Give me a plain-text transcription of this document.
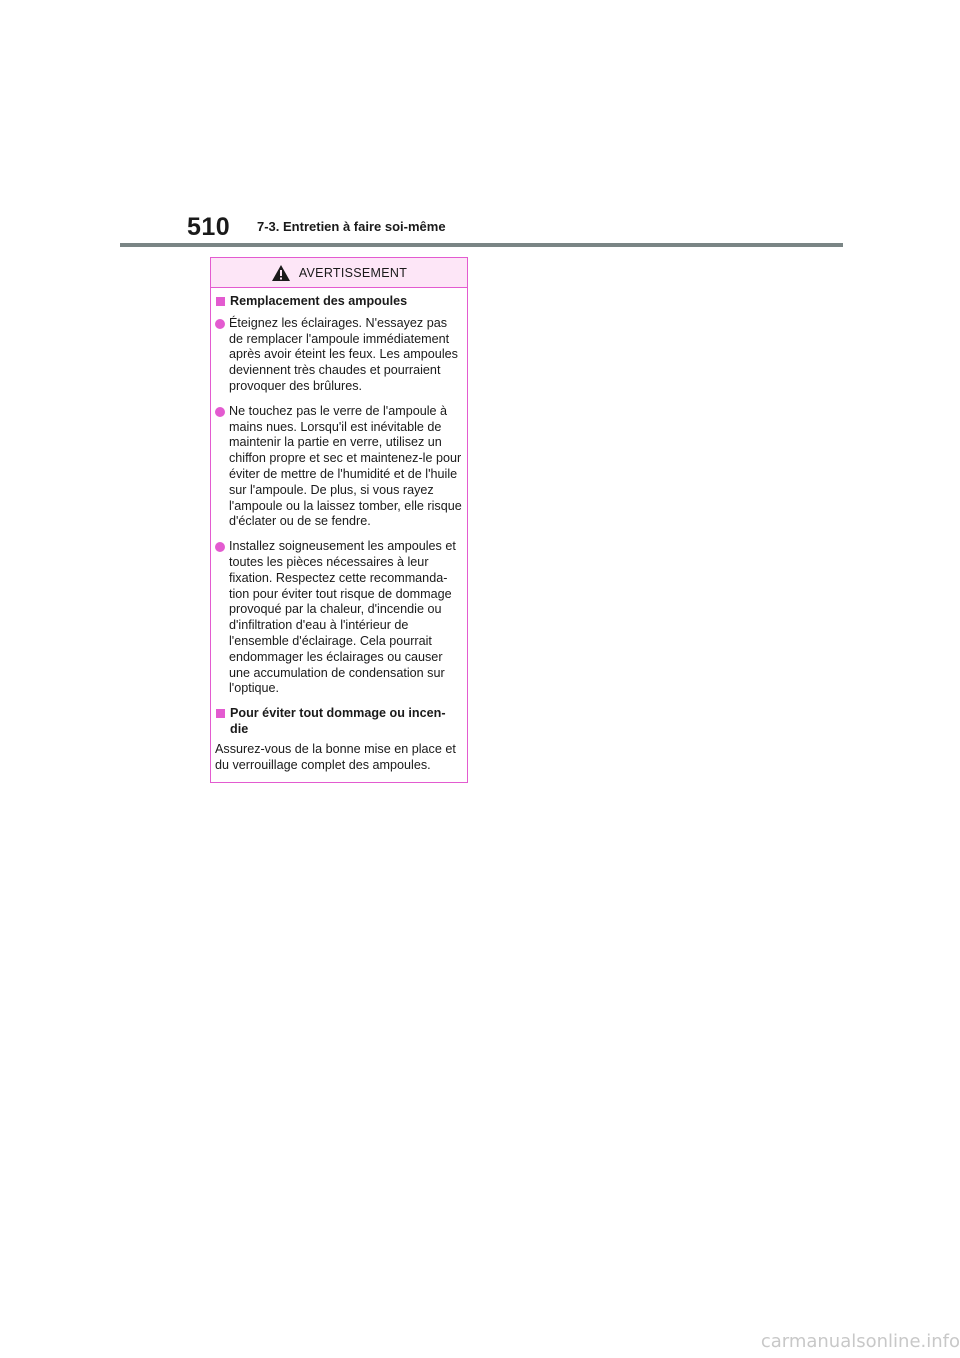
510 7-3. Entretien à faire soi-même
AVERTISSEMENT
Remplacement des ampoules
Éteignez les éclairages. N'essayez pas de remplacer l'ampoule immédiatement après avoir éteint les feux. Les ampoules deviennent très chaudes et pourraient provoquer des brûlures.
Ne touchez pas le verre de l'ampoule à mains nues. Lorsqu'il est inévitable de maintenir la partie en verre, utilisez un chiffon propre et sec et maintenez-le pour éviter de mettre de l'humidité et de l'huile sur l'ampoule. De plus, si vous rayez l'ampoule ou la laissez tomber, elle risque d'éclater ou de se fendre.
Installez soigneusement les ampoules et toutes les pièces nécessaires à leur fixation. Respectez cette recommanda-tion pour éviter tout risque de dommage provoqué par la chaleur, d'incendie ou d'infiltration d'eau à l'intérieur de l'ensemble d'éclairage. Cela pourrait endommager les éclairages ou causer une accumulation de condensation sur l'optique.
Pour éviter tout dommage ou incen-die
Assurez-vous de la bonne mise en place et du verrouillage complet des ampoules.
carmanualsonline.info
